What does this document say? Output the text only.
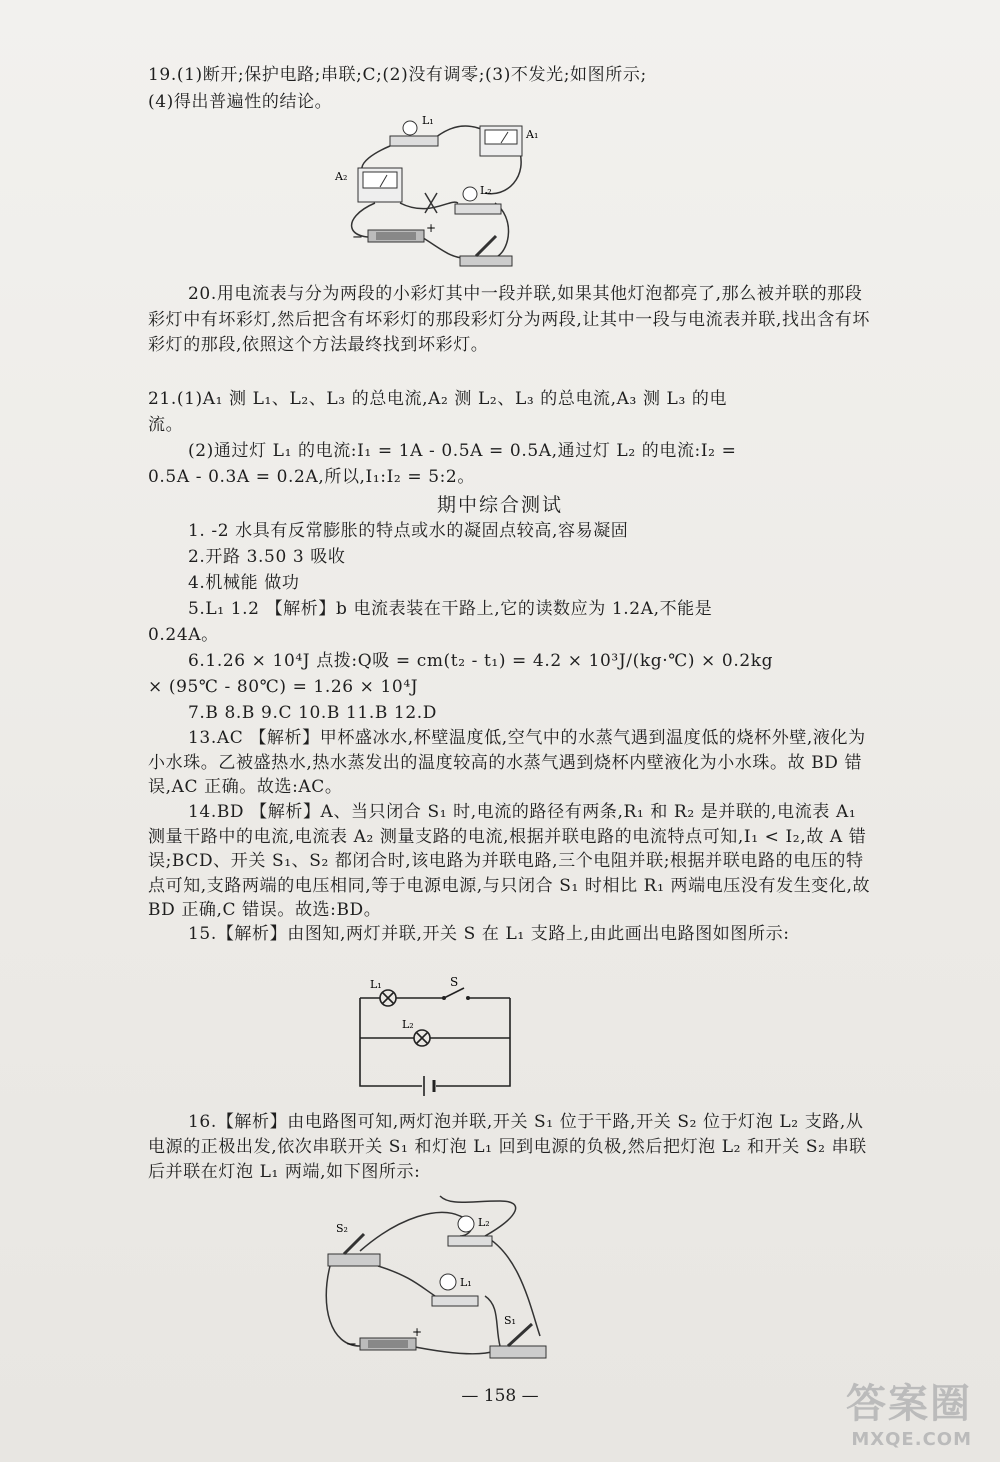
19.(1)断开;保护电路;串联;C;(2)没有调零;(3)不发光;如图所示;
(4)得出普遍性的结论。
L₁
A₁
A₂
L₂
−
+
20.用电流表与分为两段的小彩灯其中一段并联,如果其他灯泡都亮了,那么被并联的那段彩灯中有坏彩灯,然后把含有坏彩灯的那段彩灯分为两段,让其中一段与电流表并联,找出含有坏彩灯的那段,依照这个方法最终找到坏彩灯。
21.(1)A₁ 测 L₁、L₂、L₃ 的总电流,A₂ 测 L₂、L₃ 的总电流,A₃ 测 L₃ 的电
流。
(2)通过灯 L₁ 的电流:I₁ = 1A - 0.5A = 0.5A,通过灯 L₂ 的电流:I₂ =
0.5A - 0.3A = 0.2A,所以,I₁:I₂ = 5:2。
期中综合测试
1. -2 水具有反常膨胀的特点或水的凝固点较高,容易凝固
2.开路 3.50 3 吸收
4.机械能 做功
5.L₁ 1.2 【解析】b 电流表装在干路上,它的读数应为 1.2A,不能是
0.24A。
6.1.26 × 10⁴J 点拨:Q吸 = cm(t₂ - t₁) = 4.2 × 10³J/(kg·℃) × 0.2kg
× (95℃ - 80℃) = 1.26 × 10⁴J
7.B 8.B 9.C 10.B 11.B 12.D
13.AC 【解析】甲杯盛冰水,杯壁温度低,空气中的水蒸气遇到温度低的烧杯外壁,液化为小水珠。乙被盛热水,热水蒸发出的温度较高的水蒸气遇到烧杯内壁液化为小水珠。故 BD 错误,AC 正确。故选:AC。
14.BD 【解析】A、当只闭合 S₁ 时,电流的路径有两条,R₁ 和 R₂ 是并联的,电流表 A₁ 测量干路中的电流,电流表 A₂ 测量支路的电流,根据并联电路的电流特点可知,I₁ < I₂,故 A 错误;BCD、开关 S₁、S₂ 都闭合时,该电路为并联电路,三个电阻并联;根据并联电路的电压的特点可知,支路两端的电压相同,等于电源电源,与只闭合 S₁ 时相比 R₁ 两端电压没有发生变化,故 BD 正确,C 错误。故选:BD。
15.【解析】由图知,两灯并联,开关 S 在 L₁ 支路上,由此画出电路图如图所示:
L₁
L₂
S
16.【解析】由电路图可知,两灯泡并联,开关 S₁ 位于干路,开关 S₂ 位于灯泡 L₂ 支路,从电源的正极出发,依次串联开关 S₁ 和灯泡 L₁ 回到电源的负极,然后把灯泡 L₂ 和开关 S₂ 串联后并联在灯泡 L₁ 两端,如下图所示:
S₂	L₂
L₁
−
+
S₁
— 158 —	答案圈
MXQE.COM
